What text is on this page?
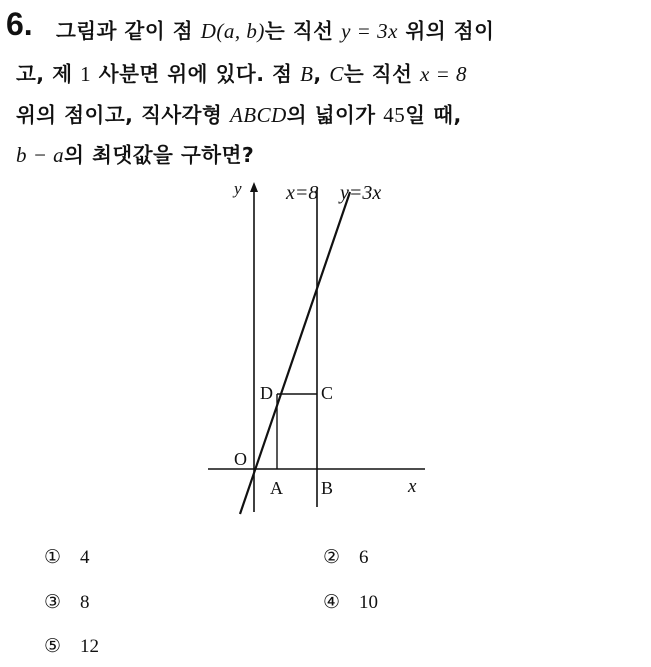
6. 그림과 같이 점 D(a, b)는 직선 y = 3x 위의 점이
고, 제 1 사분면 위에 있다. 점 B, C는 직선 x = 8
위의 점이고, 직사각형 ABCD의 넓이가 45일 때,
b − a의 최댓값을 구하면?
y
x
O
x=8 y=3x
D	C
A B
① 4	② 6
③ 8	④ 10
⑤ 12
